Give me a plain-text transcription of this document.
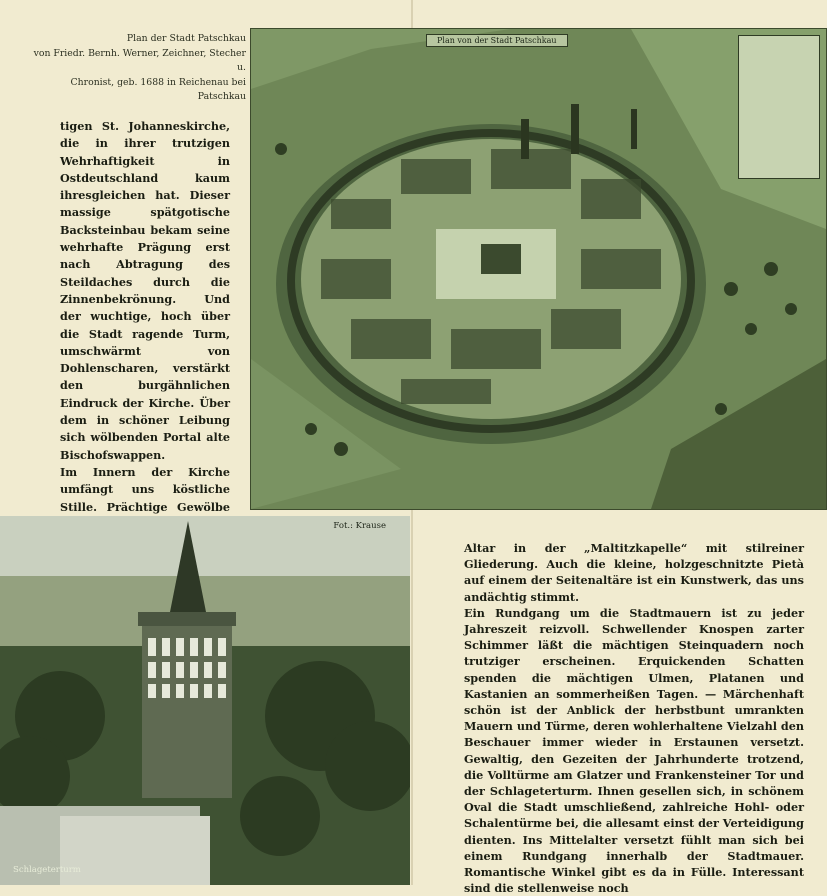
Plan der Stadt Patschkau
von Friedr. Bernh. Werner, Zeichner, Stecher u.
Chronist, geb. 1688 in Reichenau bei Patschkau

tigen St. Johanneskirche, die in ihrer trutzigen Wehrhaftigkeit in Ostdeutschland kaum ihresgleichen hat. Dieser massige spätgotische Backsteinbau bekam seine wehrhafte Prägung erst nach Abtragung des Steildaches durch die Zinnenbekrönung. Und der wuchtige, hoch über die Stadt ragende Turm, umschwärmt von Dohlenscharen, verstärkt den burgähnlichen Eindruck der Kirche. Über dem in schöner Leibung sich wölbenden Portal alte Bischofswappen.

Im Innern der Kirche umfängt uns köstliche Stille. Prächtige Gewölbe

Plan von der Stadt Patschkau
Fot.: Krause
Schlageterturm

Altar in der „Maltitzkapelle“ mit stilreiner Gliederung. Auch die kleine, holzgeschnitzte Pietà auf einem der Seitenaltäre ist ein Kunstwerk, das uns andächtig stimmt.

Ein Rundgang um die Stadtmauern ist zu jeder Jahreszeit reizvoll. Schwellender Knospen zarter Schimmer läßt die mächtigen Steinquadern noch trutziger erscheinen. Erquickenden Schatten spenden die mächtigen Ulmen, Platanen und Kastanien an sommerheißen Tagen. — Märchenhaft schön ist der Anblick der herbstbunt umrankten Mauern und Türme, deren wohlerhaltene Vielzahl den Beschauer immer wieder in Erstaunen versetzt. Gewaltig, den Gezeiten der Jahrhunderte trotzend, die Volltürme am Glatzer und Frankensteiner Tor und der Schlageterturm. Ihnen gesellen sich, in schönem Oval die Stadt umschließend, zahlreiche Hohl- oder Schalentürme bei, die allesamt einst der Verteidigung dienten. Ins Mittelalter versetzt fühlt man sich bei einem Rundgang innerhalb der Stadtmauer. Romantische Winkel gibt es da in Fülle. Interessant sind die stellenweise noch
